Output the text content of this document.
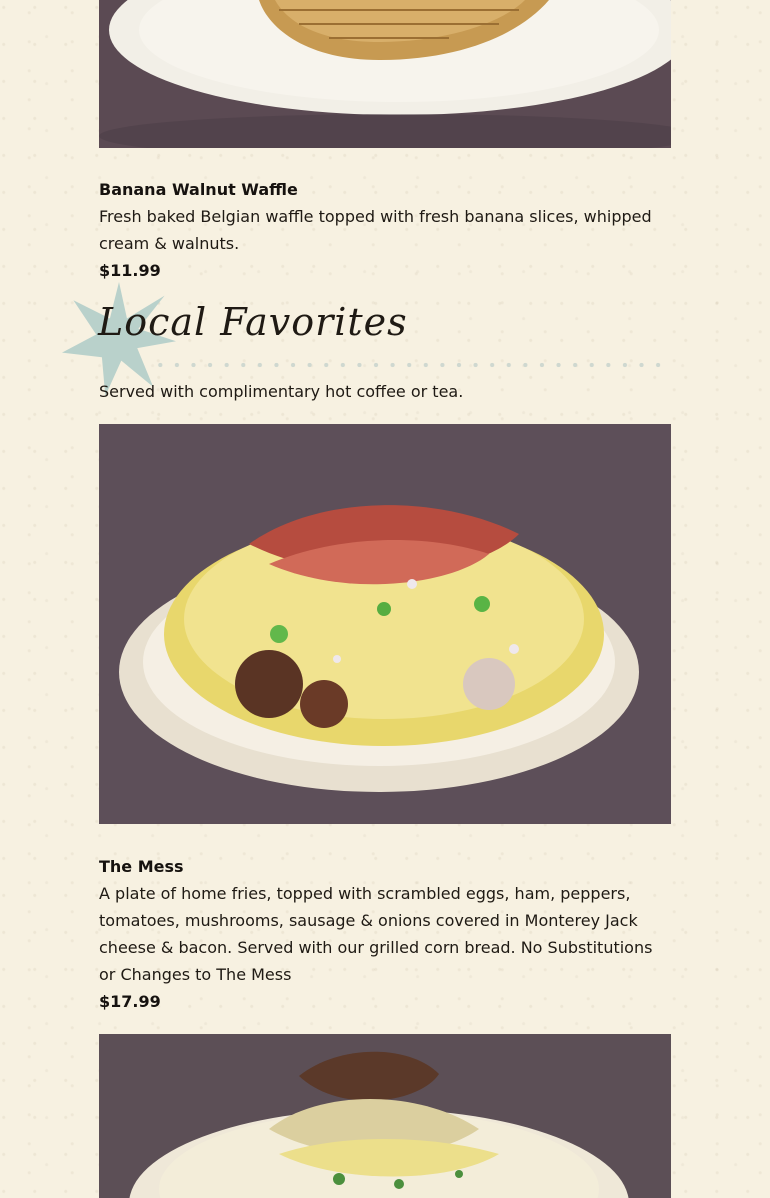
Banana Walnut Waffle
Fresh baked Belgian waffle topped with fresh banana slices, whipped cream & walnuts.
$11.99
Local Favorites
Served with complimentary hot coffee or tea.
The Mess
A plate of home fries, topped with scrambled eggs, ham, peppers, tomatoes, mushrooms, sausage & onions covered in Monterey Jack cheese & bacon. Served with our grilled corn bread. No Substitutions or Changes to The Mess
$17.99
